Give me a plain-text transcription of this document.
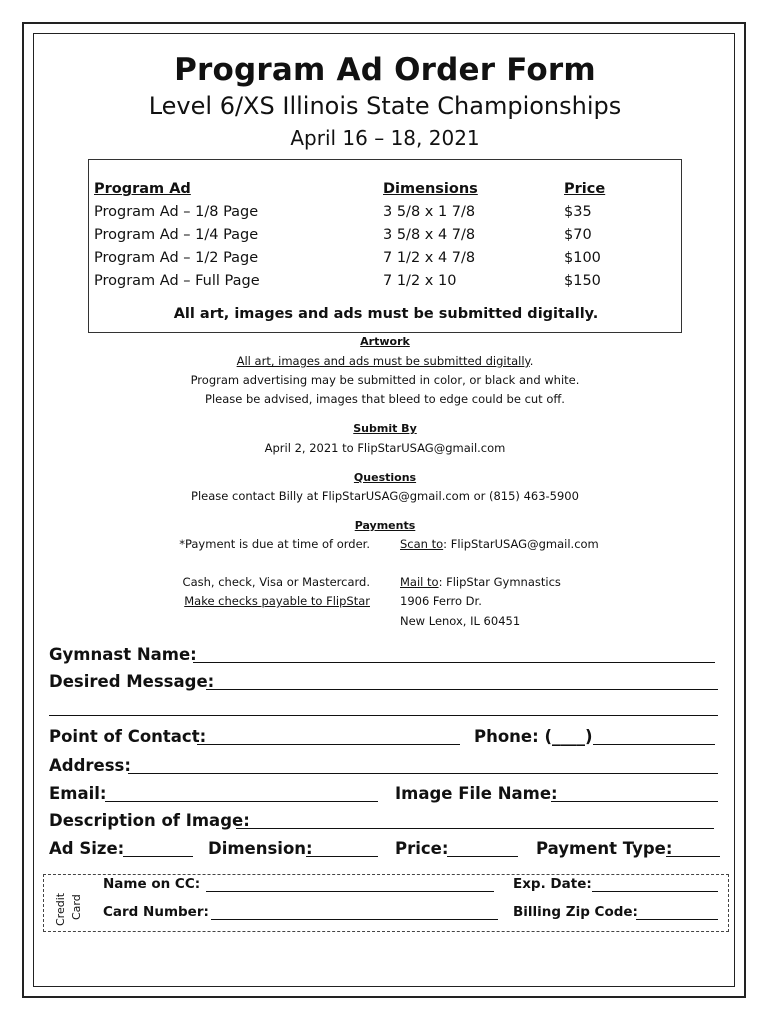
Program Ad Order Form
Level 6/XS Illinois State Championships
April 16 – 18, 2021
Program Ad	Dimensions	Price
Program Ad – 1/8 Page	3 5/8 x 1 7/8	$35
Program Ad – 1/4 Page	3 5/8 x 4 7/8	$70
Program Ad – 1/2 Page	7 1/2 x 4 7/8	$100
Program Ad – Full Page	7 1/2 x 10	$150
All art, images and ads must be submitted digitally.
Artwork
All art, images and ads must be submitted digitally.
Program advertising may be submitted in color, or black and white.
Please be advised, images that bleed to edge could be cut off.
Submit By
April 2, 2021 to FlipStarUSAG@gmail.com
Questions
Please contact Billy at FlipStarUSAG@gmail.com or (815) 463-5900
Payments
*Payment is due at time of order.	Scan to: FlipStarUSAG@gmail.com
Cash, check, Visa or Mastercard.	Mail to: FlipStar Gymnastics
Make checks payable to FlipStar	1906 Ferro Dr.
New Lenox, IL 60451
Gymnast Name:
Desired Message:
Point of Contact:	Phone: (____)
Address:
Email:	Image File Name:
Description of Image:
Ad Size:	Dimension:	Price:	Payment Type:
Credit Card
Name on CC:	Exp. Date:
Card Number:	Billing Zip Code:
